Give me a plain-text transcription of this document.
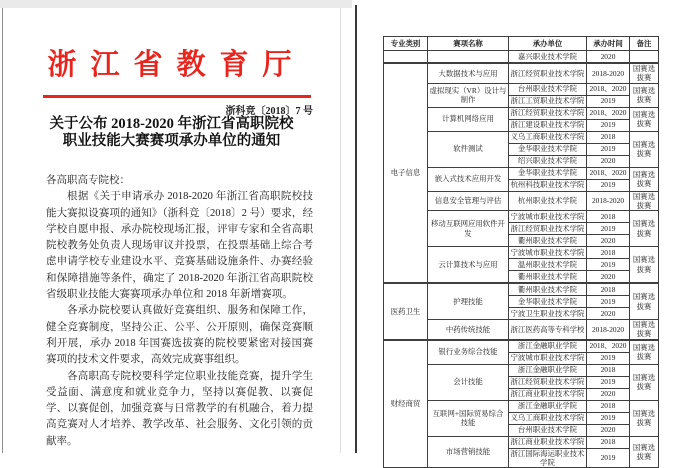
浙江省教育厅
浙科竞〔2018〕7 号
关于公布 2018-2020 年浙江省高职院校
职业技能大赛赛项承办单位的通知

各高职高专院校：

根据《关于申请承办 2018-2020 年浙江省高职院校技能大赛拟设赛项的通知》（浙科竞〔2018〕2 号）要求，经学校自愿申报、承办院校现场汇报，评审专家和全省高职院校教务处负责人现场审议并投票，在投票基础上综合考虑申请学校专业建设水平、竞赛基础设施条件、办赛经验和保障措施等条件，确定了 2018-2020 年浙江省高职院校省级职业技能大赛赛项承办单位和 2018 年新增赛项。

各承办院校要认真做好竞赛组织、服务和保障工作，健全竞赛制度，坚持公正、公平、公开原则，确保竞赛顺利开展，承办 2018 年国赛选拔赛的院校要紧密对接国赛赛项的技术文件要求，高效完成赛事组织。

各高职高专院校要科学定位职业技能竞赛，提升学生受益面、满意度和就业竞争力，坚持以赛促教、以赛促学、以赛促创，加强竞赛与日常教学的有机融合，着力提高竞赛对人才培养、教学改革、社会服务、文化引领的贡献率。

专业类别	赛项名称	承办单位	承办时间	备注
		嘉兴职业技术学院	2020	
电子信息	大数据技术与应用	浙江经贸职业技术学院	2018-2020	国赛选拔赛
	虚拟现实（VR）设计与制作	台州职业技术学院	2018、2020	国赛选拔赛
		浙江工贸职业技术学院	2019	
	计算机网络应用	浙江经贸职业技术学院	2018、2020	国赛选拔赛
		浙江建设职业技术学院	2019	
	软件测试	义乌工商职业技术学院	2018	国赛选拔赛
		金华职业技术学院	2019	
		绍兴职业技术学院	2020	
	嵌入式技术应用开发	金华职业技术学院	2018、2020	国赛选拔赛
		杭州科技职业技术学院	2019	
	信息安全管理与评估	杭州职业技术学院	2018-2020	国赛选拔赛
	移动互联网应用软件开发	宁波城市职业技术学院	2018	国赛选拔赛
		浙江经贸职业技术学院	2019	
		衢州职业技术学院	2020	
	云计算技术与应用	宁波城市职业技术学院	2018	国赛选拔赛
		温州职业技术学院	2019	
		衢州职业技术学院	2020	
医药卫生	护理技能	衢州职业技术学院	2018	国赛选拔赛
		金华职业技术学院	2019	
		宁波卫生职业技术学院	2020	
	中药传统技能	浙江医药高等专科学校	2018-2020	国赛选拔赛
财经商贸	银行业务综合技能	浙江金融职业学院	2018、2020	国赛选拔赛
		宁波城市职业技术学院	2019	
	会计技能	浙江金融职业学院	2018	国赛选拔赛
		浙江经贸职业技术学院	2019	
		浙江商业职业技术学院	2020	
	互联网+国际贸易综合技能	浙江金融职业学院	2018	国赛选拔赛
		义乌工商职业技术学院	2019	
		台州职业技术学院	2020	
	市场营销技能	浙江商业职业技术学院	2018	国赛选拔赛
		浙江国际海运职业技术学院	2019	
